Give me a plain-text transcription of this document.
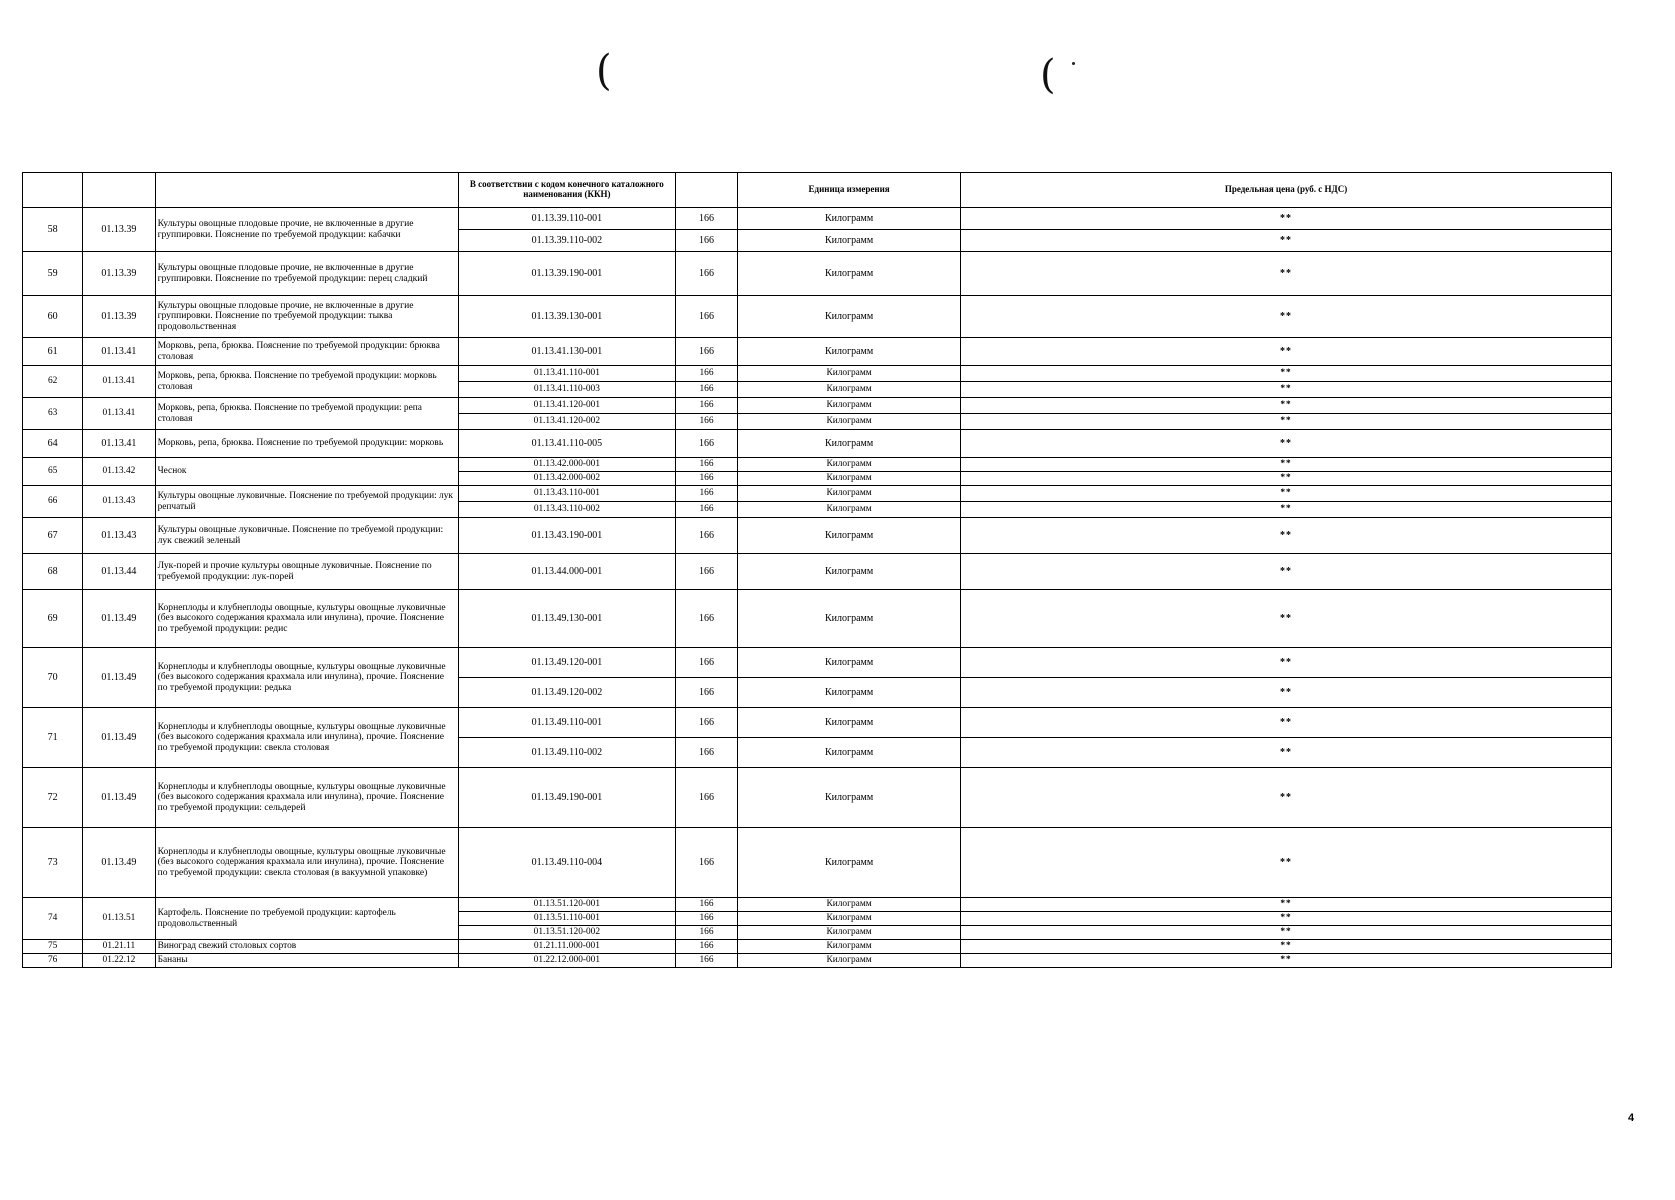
(	(
			В соответствии с кодом конечного каталожного наименования (ККН)		Единица измерения	Предельная цена (руб. с НДС)
58	01.13.39	Культуры овощные плодовые прочие, не включенные в другие группировки. Пояснение по требуемой продукции: кабачки	01.13.39.110-001	166	Килограмм	**
			01.13.39.110-002	166	Килограмм	**
59	01.13.39	Культуры овощные плодовые прочие, не включенные в другие группировки. Пояснение по требуемой продукции: перец сладкий	01.13.39.190-001	166	Килограмм	**
60	01.13.39	Культуры овощные плодовые прочие, не включенные в другие группировки. Пояснение по требуемой продукции: тыква продовольственная	01.13.39.130-001	166	Килограмм	**
61	01.13.41	Морковь, репа, брюква. Пояснение по требуемой продукции: брюква столовая	01.13.41.130-001	166	Килограмм	**
62	01.13.41	Морковь, репа, брюква. Пояснение по требуемой продукции: морковь столовая	01.13.41.110-001	166	Килограмм	**
			01.13.41.110-003	166	Килограмм	**
63	01.13.41	Морковь, репа, брюква. Пояснение по требуемой продукции: репа столовая	01.13.41.120-001	166	Килограмм	**
			01.13.41.120-002	166	Килограмм	**
64	01.13.41	Морковь, репа, брюква. Пояснение по требуемой продукции: морковь	01.13.41.110-005	166	Килограмм	**
65	01.13.42	Чеснок	01.13.42.000-001	166	Килограмм	**
			01.13.42.000-002	166	Килограмм	**
66	01.13.43	Культуры овощные луковичные. Пояснение по требуемой продукции: лук репчатый	01.13.43.110-001	166	Килограмм	**
			01.13.43.110-002	166	Килограмм	**
67	01.13.43	Культуры овощные луковичные. Пояснение по требуемой продукции: лук свежий зеленый	01.13.43.190-001	166	Килограмм	**
68	01.13.44	Лук-порей и прочие культуры овощные луковичные. Пояснение по требуемой продукции: лук-порей	01.13.44.000-001	166	Килограмм	**
69	01.13.49	Корнеплоды и клубнеплоды овощные, культуры овощные луковичные (без высокого содержания крахмала или инулина), прочие. Пояснение по требуемой продукции: редис	01.13.49.130-001	166	Килограмм	**
70	01.13.49	Корнеплоды и клубнеплоды овощные, культуры овощные луковичные (без высокого содержания крахмала или инулина), прочие. Пояснение по требуемой продукции: редька	01.13.49.120-001	166	Килограмм	**
			01.13.49.120-002	166	Килограмм	**
71	01.13.49	Корнеплоды и клубнеплоды овощные, культуры овощные луковичные (без высокого содержания крахмала или инулина), прочие. Пояснение по требуемой продукции: свекла столовая	01.13.49.110-001	166	Килограмм	**
			01.13.49.110-002	166	Килограмм	**
72	01.13.49	Корнеплоды и клубнеплоды овощные, культуры овощные луковичные (без высокого содержания крахмала или инулина), прочие. Пояснение по требуемой продукции: сельдерей	01.13.49.190-001	166	Килограмм	**
73	01.13.49	Корнеплоды и клубнеплоды овощные, культуры овощные луковичные (без высокого содержания крахмала или инулина), прочие. Пояснение по требуемой продукции: свекла столовая (в вакуумной упаковке)	01.13.49.110-004	166	Килограмм	**
74	01.13.51	Картофель. Пояснение по требуемой продукции: картофель продовольственный	01.13.51.120-001	166	Килограмм	**
			01.13.51.110-001	166	Килограмм	**
			01.13.51.120-002	166	Килограмм	**
75	01.21.11	Виноград свежий столовых сортов	01.21.11.000-001	166	Килограмм	**
76	01.22.12	Бананы	01.22.12.000-001	166	Килограмм	**
4
